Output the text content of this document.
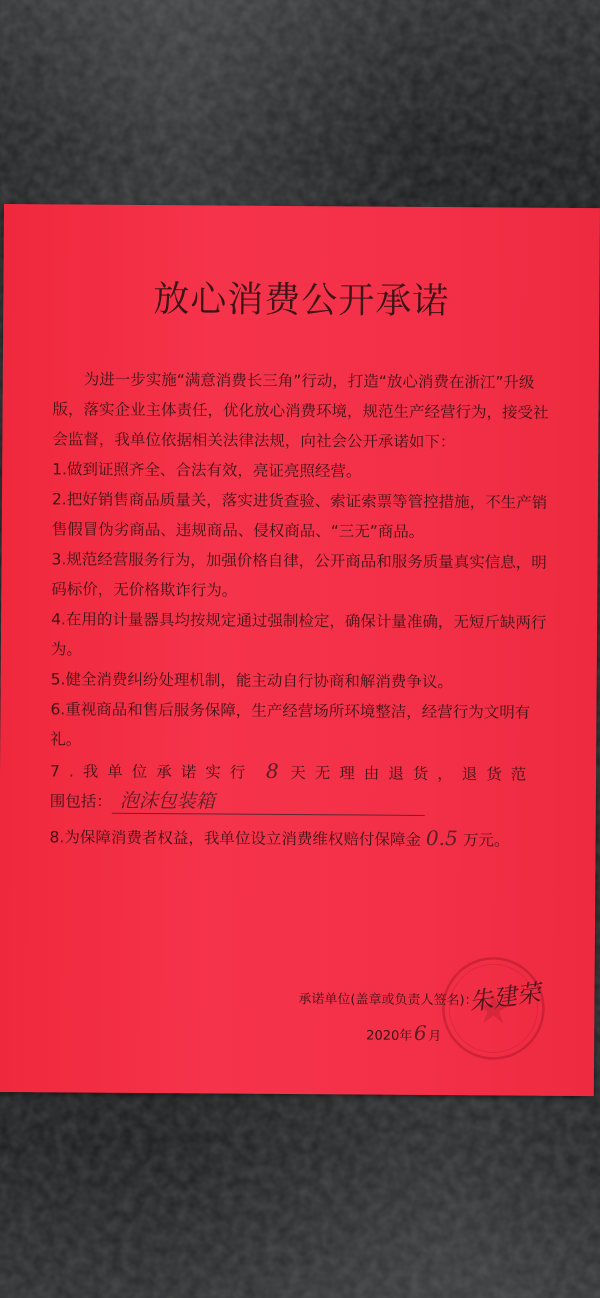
放心消费公开承诺

为进一步实施“满意消费长三角”行动，打造“放心消费在浙江”升级版，落实企业主体责任，优化放心消费环境，规范生产经营行为，接受社会监督，我单位依据相关法律法规，向社会公开承诺如下：

1.做到证照齐全、合法有效，亮证亮照经营。

2.把好销售商品质量关，落实进货查验、索证索票等管控措施，不生产销售假冒伪劣商品、违规商品、侵权商品、“三无”商品。

3.规范经营服务行为，加强价格自律，公开商品和服务质量真实信息，明码标价，无价格欺诈行为。

4.在用的计量器具均按规定通过强制检定，确保计量准确，无短斤缺两行为。

5.健全消费纠纷处理机制，能主动自行协商和解消费争议。

6.重视商品和售后服务保障，生产经营场所环境整洁，经营行为文明有礼。

7.我单位承诺实行 8 天无理由退货，退货范
围包括： 泡沫包装箱

8.为保障消费者权益，我单位设立消费维权赔付保障金 0.5 万元。

承诺单位(盖章或负责人签名)：
朱建荣
2020年6月
